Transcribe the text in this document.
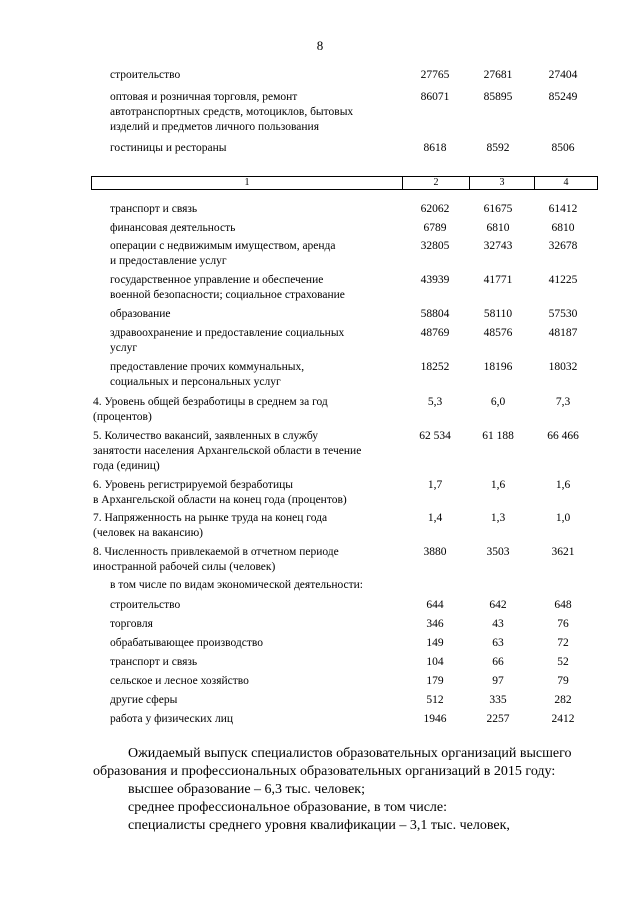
8
строительство	27765	27681	27404
оптовая и розничная торговля, ремонт
автотранспортных средств, мотоциклов, бытовых
изделий и предметов личного пользования
86071	85895	85249
гостиницы и рестораны	8618	8592	8506
1	2	3	4
транспорт и связь	62062	61675	61412
финансовая деятельность	6789	6810	6810
операции с недвижимым имуществом, аренда
и предоставление услуг
32805	32743	32678
государственное управление и обеспечение
военной безопасности; социальное страхование
43939	41771	41225
образование	58804	58110	57530
здравоохранение и предоставление социальных
услуг
48769	48576	48187
предоставление прочих коммунальных,
социальных и персональных услуг
18252	18196	18032
4. Уровень общей безработицы в среднем за год
(процентов)
5,3	6,0	7,3
5. Количество вакансий, заявленных в службу
занятости населения Архангельской области в течение
года (единиц)
62 534	61 188	66 466
6. Уровень регистрируемой безработицы
в Архангельской области на конец года (процентов)
1,7	1,6	1,6
7. Напряженность на рынке труда на конец года
(человек на вакансию)
1,4	1,3	1,0
8. Численность привлекаемой в отчетном периоде
иностранной рабочей силы (человек)
3880	3503	3621
в том числе по видам экономической деятельности:
строительство	644	642	648
торговля	346	43	76
обрабатывающее производство	149	63	72
транспорт и связь	104	66	52
сельское и лесное хозяйство	179	97	79
другие сферы	512	335	282
работа у физических лиц	1946	2257	2412
Ожидаемый выпуск специалистов образовательных организаций высшего
образования и профессиональных образовательных организаций в 2015 году:
высшее образование – 6,3 тыс. человек;
среднее профессиональное образование, в том числе:
специалисты среднего уровня квалификации – 3,1 тыс. человек,
